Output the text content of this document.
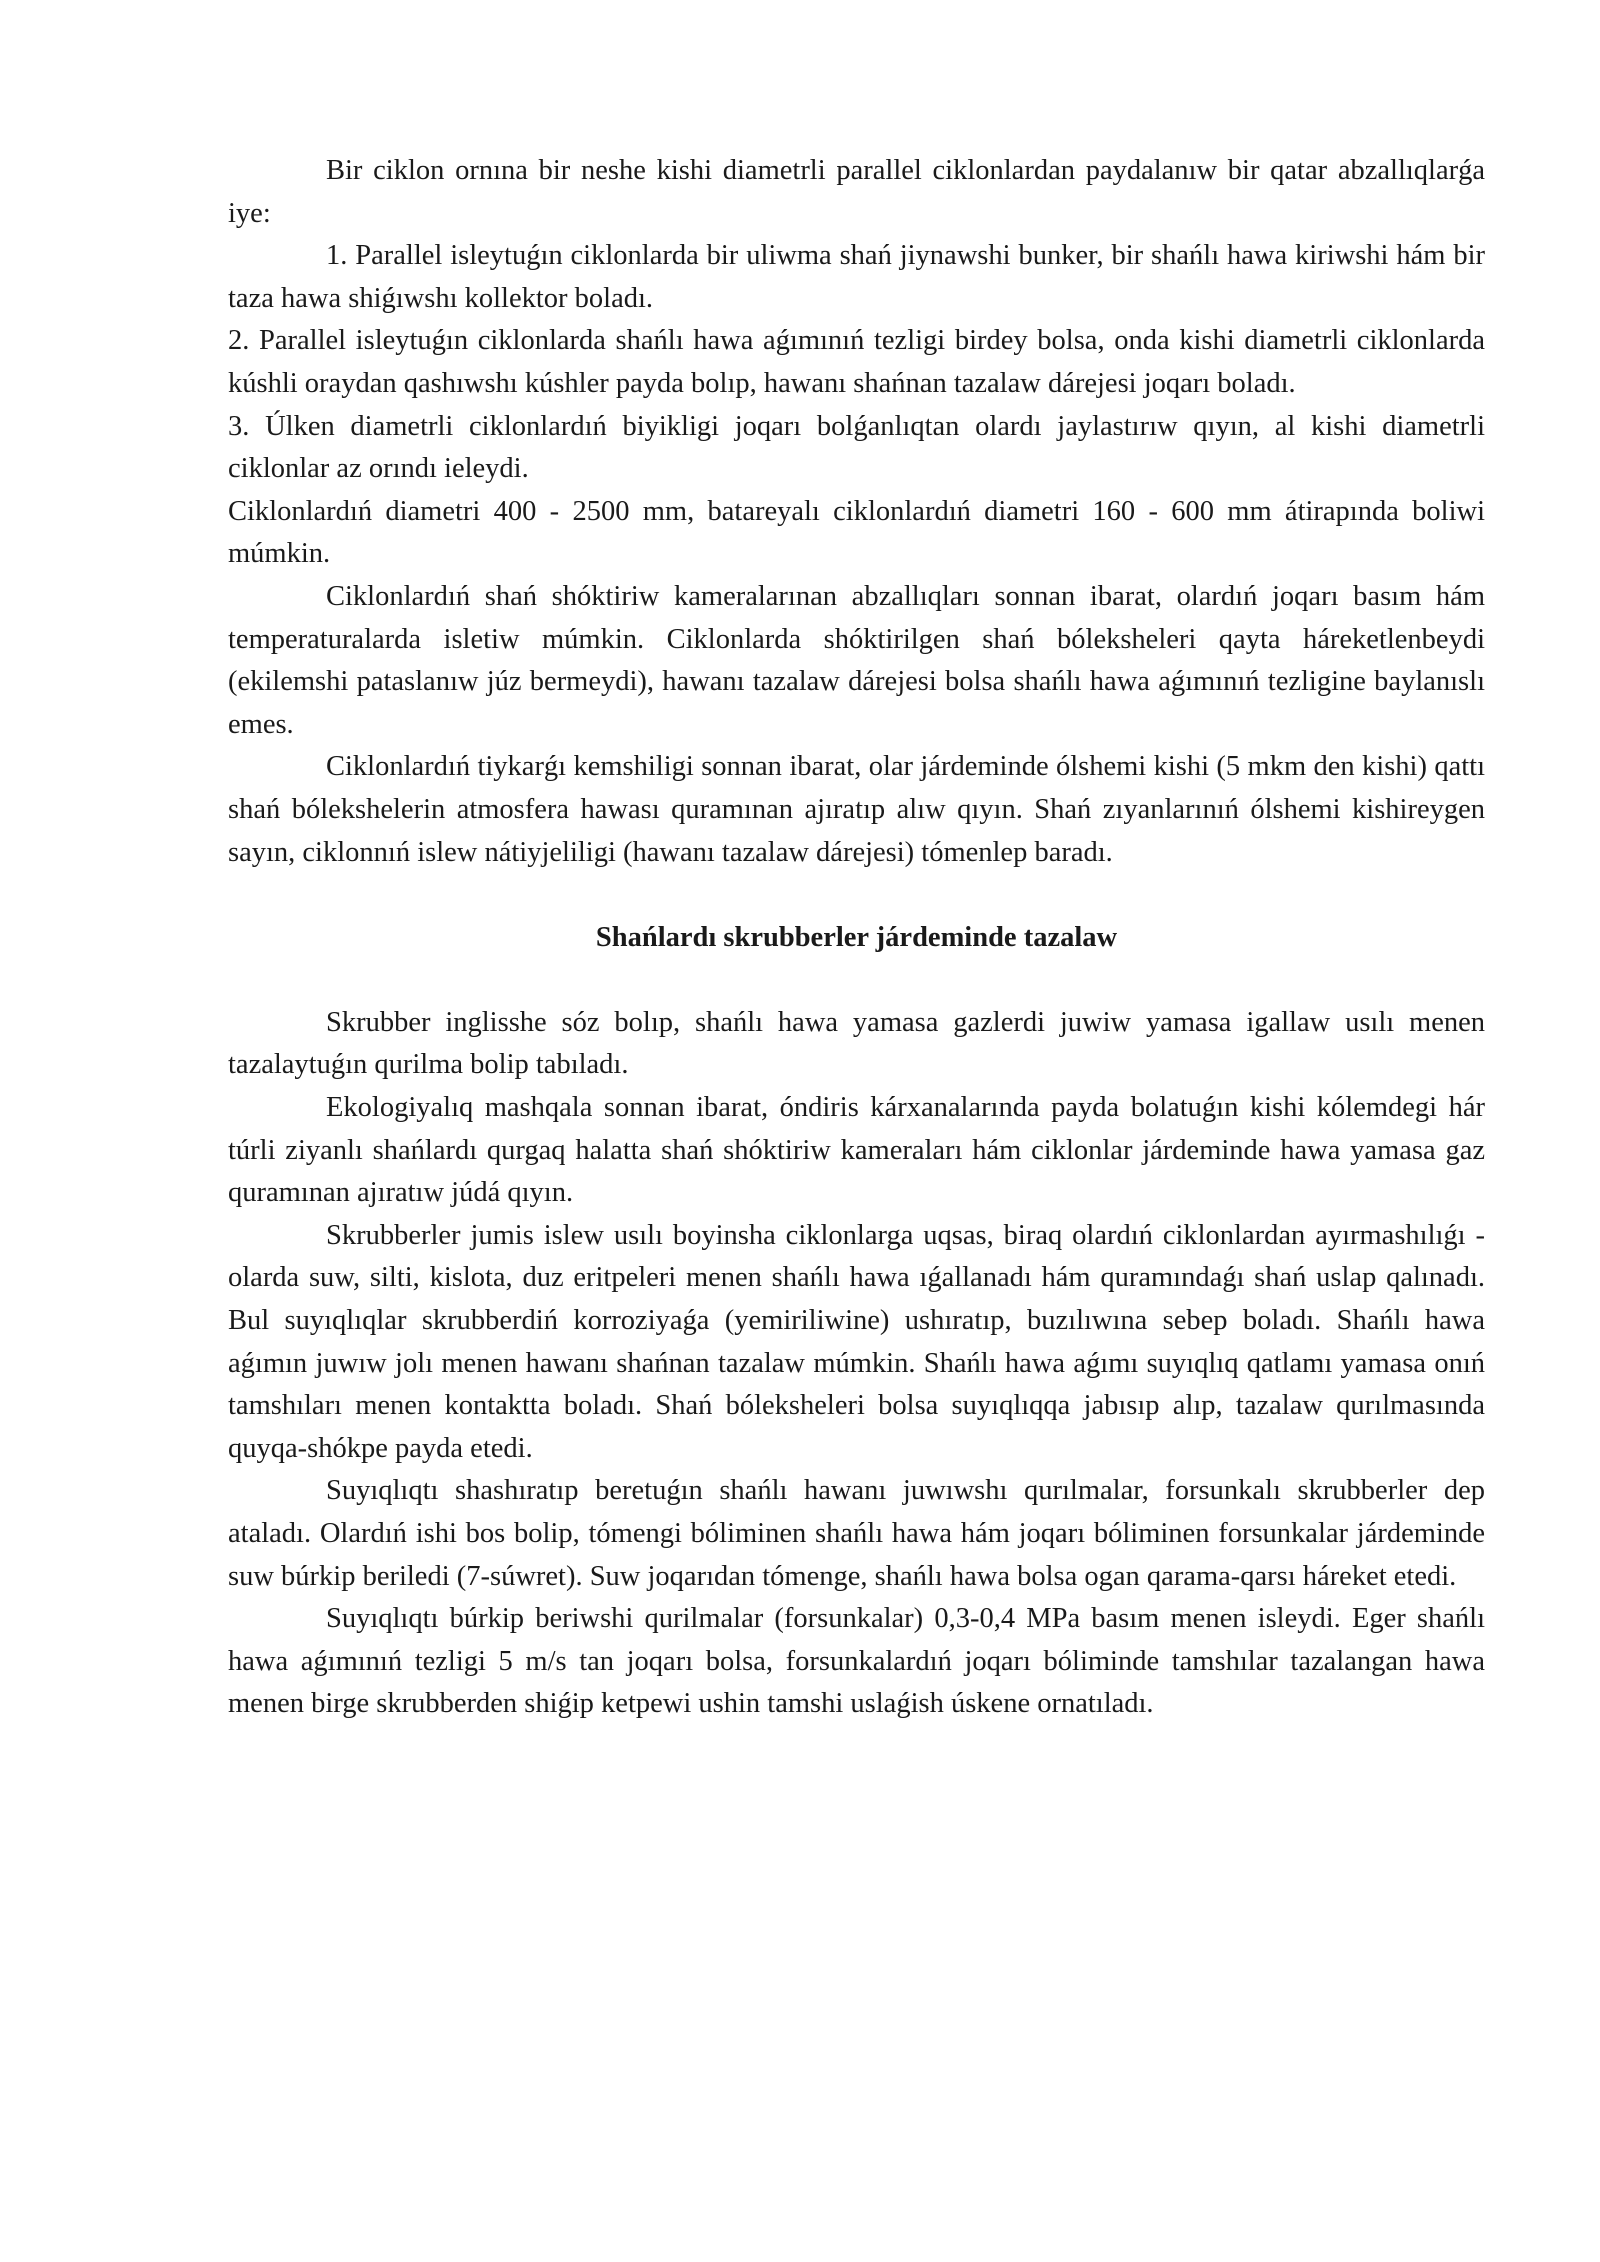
Bir ciklon ornına bir neshe kishi diametrli parallel ciklonlardan paydalanıw bir qatar abzallıqlarǵa iye:

1. Parallel isleytuǵın ciklonlarda bir uliwma shań jiynawshi bunker, bir shańlı hawa kiriwshi hám bir taza hawa shiǵıwshı kollektor boladı.

2. Parallel isleytuǵın ciklonlarda shańlı hawa aǵımınıń tezligi birdey bolsa, onda kishi diametrli ciklonlarda kúshli oraydan qashıwshı kúshler payda bolıp, hawanı shańnan tazalaw dárejesi joqarı boladı.

3. Úlken diametrli ciklonlardıń biyikligi joqarı bolǵanlıqtan olardı jaylastırıw qıyın, al kishi diametrli ciklonlar az orındı ieleydi.

Ciklonlardıń diametri 400 - 2500 mm, batareyalı ciklonlardıń diametri 160 - 600 mm átirapında boliwi múmkin.

Ciklonlardıń shań shóktiriw kameralarınan abzallıqları sonnan ibarat, olardıń joqarı basım hám temperaturalarda isletiw múmkin. Ciklonlarda shóktirilgen shań bólekshelerі qayta háreketlenbeydi (ekilemshi pataslanıw júz bermeydi), hawanı tazalaw dárejesi bolsa shańlı hawa aǵımınıń tezligine baylanıslı emes.

Ciklonlardıń tiykarǵı kemshiligi sonnan ibarat, olar járdeminde ólshemi kishi (5 mkm den kishi) qattı shań bólekshelerin atmosfera hawası quramınan ajıratıp alıw qıyın. Shań zıyanlarınıń ólshemi kishireygen sayın, ciklonnıń islew nátiyjeliligi (hawanı tazalaw dárejesi) tómenlep baradı.

Shańlardı skrubberler járdeminde tazalaw

Skrubber inglisshe sóz bolıp, shańlı hawa yamasa gazlerdi juwiw yamasa igallaw usılı menen tazalaytuǵın qurilma bolip tabıladı.

Ekologiyalıq mashqala sonnan ibarat, óndiris kárxanalarında payda bolatuǵın kishi kólemdegi hár túrli ziyanlı shańlardı qurgaq halatta shań shóktiriw kameraları hám ciklonlar járdeminde hawa yamasa gaz quramınan ajıratıw júdá qıyın.

Skrubberler jumis islew usılı boyinsha ciklonlarga uqsas, biraq olardıń ciklonlardan ayırmashılıǵı - olarda suw, silti, kislota, duz eritpeleri menen shańlı hawa ıǵallanadı hám quramındaǵı shań uslap qalınadı. Bul suyıqlıqlar skrubberdiń korroziyaǵa (yemiriliwine) ushıratıp, buzılıwına sebep boladı. Shańlı hawa aǵımın juwıw jolı menen hawanı shańnan tazalaw múmkin. Shańlı hawa aǵımı suyıqlıq qatlamı yamasa onıń tamshıları menen kontaktta boladı. Shań bólekshelerі bolsa suyıqlıqqa jabısıp alıp, tazalaw qurılmasında quyqa-shókpe payda etedi.

Suyıqlıqtı shashıratıp beretuǵın shańlı hawanı juwıwshı qurılmalar, forsunkalı skrubberler dep ataladı. Olardıń ishi bos bolip, tómengi bóliminen shańlı hawa hám joqarı bóliminen forsunkalar járdeminde suw búrkip beriledi (7-súwret). Suw joqarıdan tómenge, shańlı hawa bolsa ogan qarama-qarsı háreket etedi.

Suyıqlıqtı búrkip beriwshi qurilmalar (forsunkalar) 0,3-0,4 MPa basım menen isleydi. Eger shańlı hawa aǵımınıń tezligi 5 m/s tan joqarı bolsa, forsunkalardıń joqarı bóliminde tamshılar tazalangan hawa menen birge skrubberden shiǵip ketpewi ushin tamshi uslaǵish úskene ornatıladı.
